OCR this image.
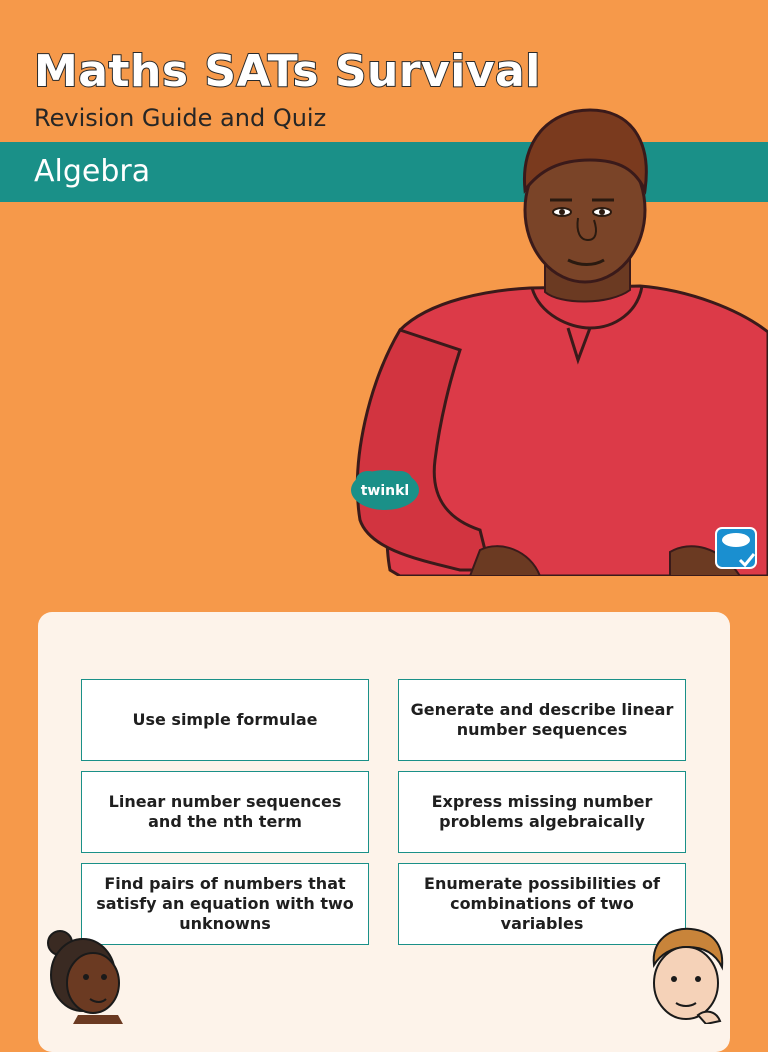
Maths SATs Survival
Revision Guide and Quiz
Algebra
twinkl
Use simple formulae
Generate and describe linear number sequences
Linear number sequences and the nth term
Express missing number problems algebraically
Find pairs of numbers that satisfy an equation with two unknowns
Enumerate possibilities of combinations of two variables
